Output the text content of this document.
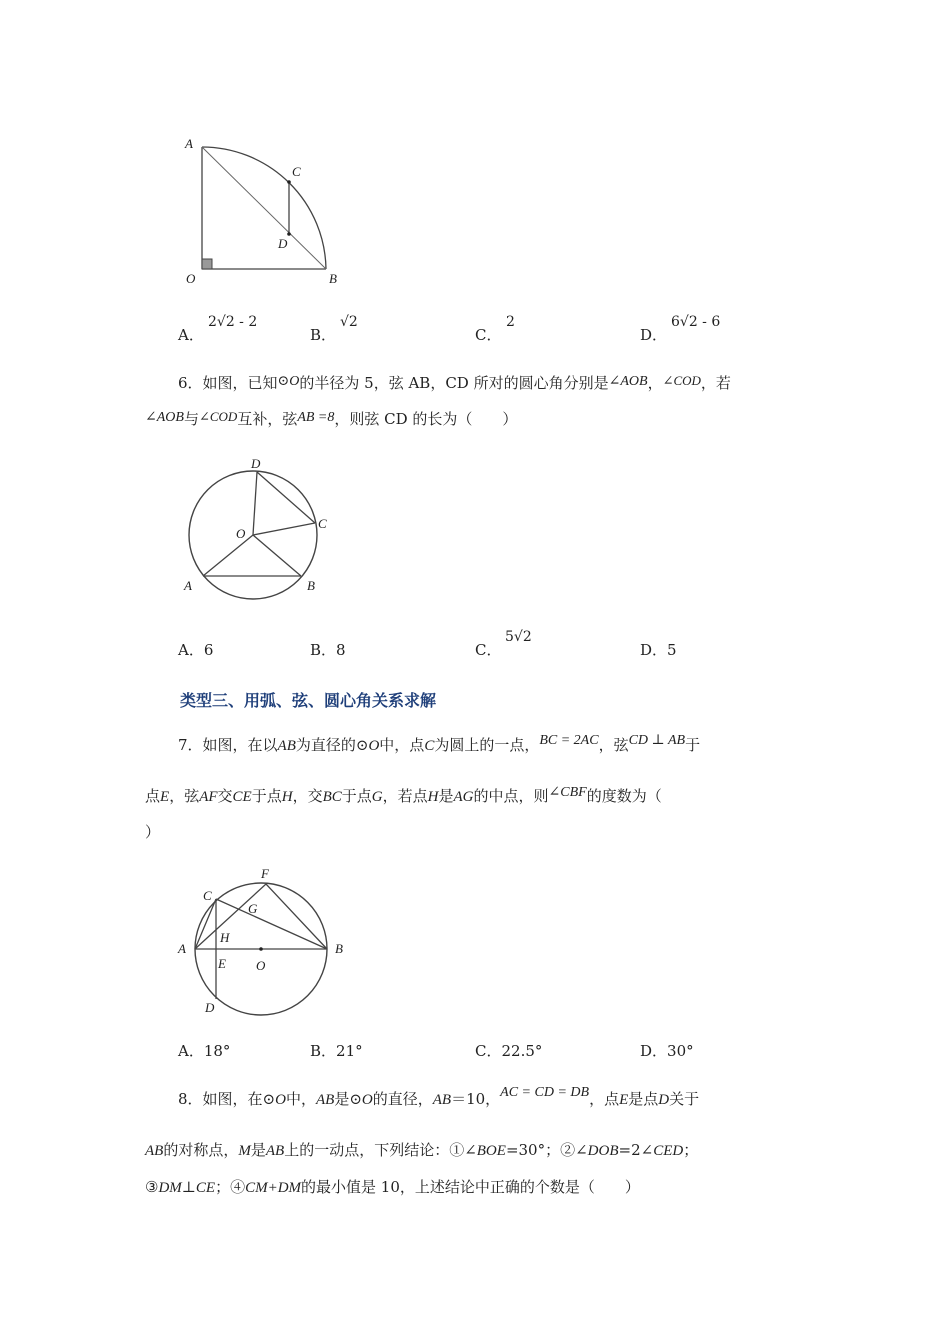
A
C
D
O	B
A．
2√2 - 2
B．
√2
C．
2
D．
6√2 - 6
6．如图，已知⊙O的半径为 5，弦 AB，CD 所对的圆心角分别是∠AOB，∠COD，若
∠AOB与∠COD互补，弦AB =8，则弦 CD 的长为（　　）
D
O
C
A	B
A．6	B．8	C．
5√2
D．5
类型三、用弧、弦、圆心角关系求解
7．如图，在以AB为直径的⊙O中，点C为圆上的一点，BC = 2AC，弦CD ⊥ AB于
点E，弦AF交CE于点H，交BC于点G，若点H是AG的中点，则∠CBF的度数为（
）
F
C
G
A
H
B
E O
D
A．18°	B．21°	C．22.5°	D．30°
8．如图，在⊙O中，AB是⊙O的直径，AB＝10，AC = CD = DB，点E是点D关于
AB的对称点，M是AB上的一动点，下列结论：①∠BOE=30°；②∠DOB=2∠CED；
③DM⊥CE；④CM+DM的最小值是 10，上述结论中正确的个数是（　　）
